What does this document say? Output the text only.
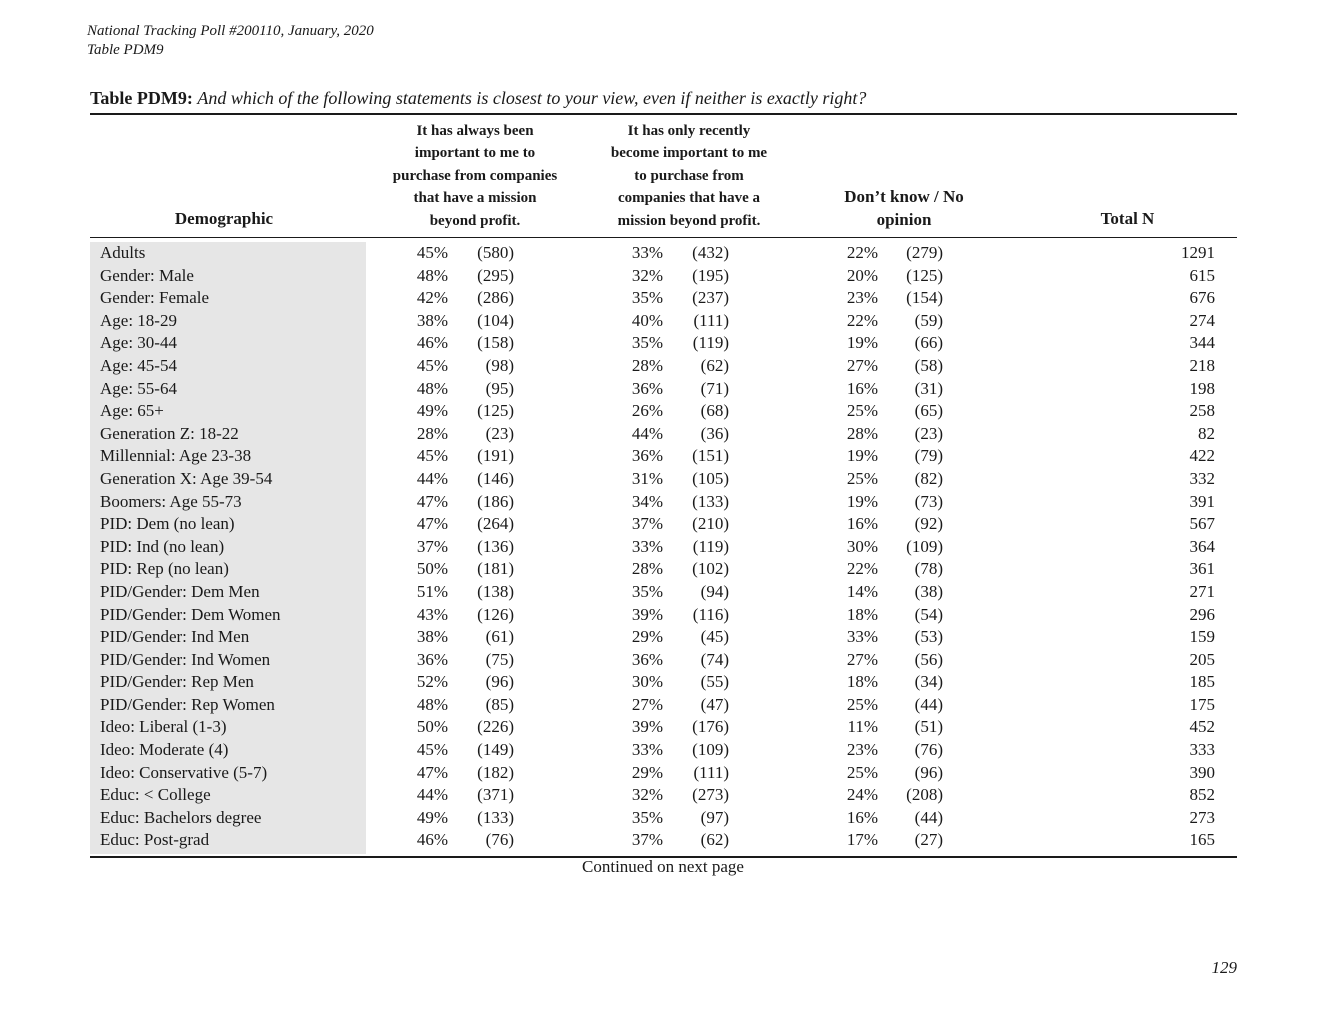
National Tracking Poll #200110, January, 2020
Table PDM9
Table PDM9: And which of the following statements is closest to your view, even if neither is exactly right?
Demographic
It has always been
important to me to
purchase from companies
that have a mission
beyond profit.
It has only recently
become important to me
to purchase from
companies that have a
mission beyond profit.
Don’t know / No
opinion	Total N
Adults	45% (580)	33% (432)	22% (279)	1291
Gender: Male	48% (295)	32% (195)	20% (125)	615
Gender: Female	42% (286)	35% (237)	23% (154)	676
Age: 18-29	38% (104)	40% (111)	22% (59)	274
Age: 30-44	46% (158)	35% (119)	19% (66)	344
Age: 45-54	45% (98)	28% (62)	27% (58)	218
Age: 55-64	48% (95)	36% (71)	16% (31)	198
Age: 65+	49% (125)	26% (68)	25% (65)	258
Generation Z: 18-22	28% (23)	44% (36)	28% (23)	82
Millennial: Age 23-38	45% (191)	36% (151)	19% (79)	422
Generation X: Age 39-54	44% (146)	31% (105)	25% (82)	332
Boomers: Age 55-73	47% (186)	34% (133)	19% (73)	391
PID: Dem (no lean)	47% (264)	37% (210)	16% (92)	567
PID: Ind (no lean)	37% (136)	33% (119)	30% (109)	364
PID: Rep (no lean)	50% (181)	28% (102)	22% (78)	361
PID/Gender: Dem Men	51% (138)	35% (94)	14% (38)	271
PID/Gender: Dem Women	43% (126)	39% (116)	18% (54)	296
PID/Gender: Ind Men	38% (61)	29% (45)	33% (53)	159
PID/Gender: Ind Women	36% (75)	36% (74)	27% (56)	205
PID/Gender: Rep Men	52% (96)	30% (55)	18% (34)	185
PID/Gender: Rep Women	48% (85)	27% (47)	25% (44)	175
Ideo: Liberal (1-3)	50% (226)	39% (176)	11% (51)	452
Ideo: Moderate (4)	45% (149)	33% (109)	23% (76)	333
Ideo: Conservative (5-7)	47% (182)	29% (111)	25% (96)	390
Educ: < College	44% (371)	32% (273)	24% (208)	852
Educ: Bachelors degree	49% (133)	35% (97)	16% (44)	273
Educ: Post-grad	46% (76)	37% (62)	17% (27)	165
Continued on next page
129
